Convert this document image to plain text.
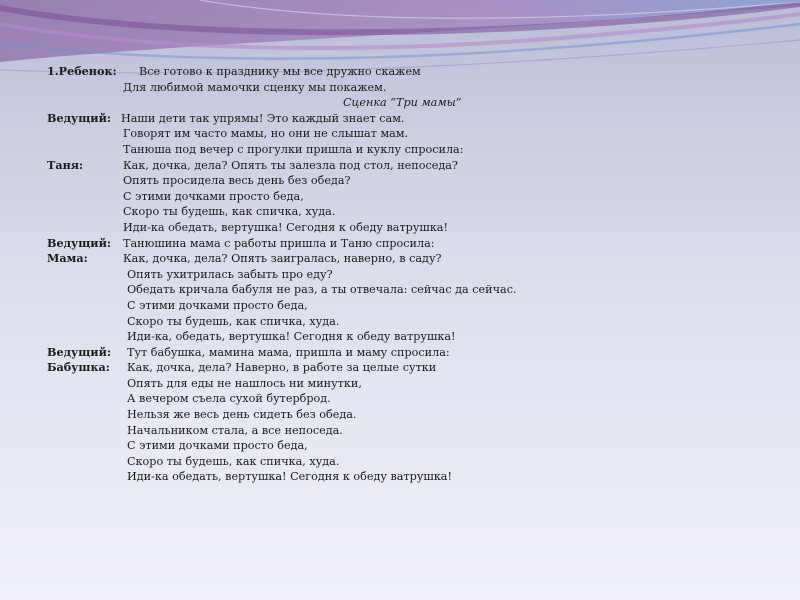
1.Ребенок: Все готово к празднику мы все дружно скажем
Для любимой мамочки сценку мы покажем.
Сценка “Три мамы”
Ведущий: Наши дети так упрямы! Это каждый знает сам.
Говорят им часто мамы, но они не слышат мам.
Танюша под вечер с прогулки пришла и куклу спросила:
Таня:	Как, дочка, дела? Опять ты залезла под стол, непоседа?
Опять просидела весь день без обеда?
С этими дочками просто беда,
Скоро ты будешь, как спичка, худа.
Иди-ка обедать, вертушка! Сегодня к обеду ватрушка!
Ведущий: Танюшина мама с работы пришла и Таню спросила:
Мама:	Как, дочка, дела? Опять заигралась, наверно, в саду?
Опять ухитрилась забыть про еду?
Обедать кричала бабуля не раз, а ты отвечала: сейчас да сейчас.
С этими дочками просто беда,
Скоро ты будешь, как спичка, худа.
Иди-ка, обедать, вертушка! Сегодня к обеду ватрушка!
Ведущий: Тут бабушка, мамина мама, пришла и маму спросила:
Бабушка: Как, дочка, дела? Наверно, в работе за целые сутки
Опять для еды не нашлось ни минутки,
А вечером съела сухой бутерброд.
Нельзя же весь день сидеть без обеда.
Начальником стала, а все непоседа.
С этими дочками просто беда,
Скоро ты будешь, как спичка, худа.
Иди-ка обедать, вертушка! Сегодня к обеду ватрушка!
